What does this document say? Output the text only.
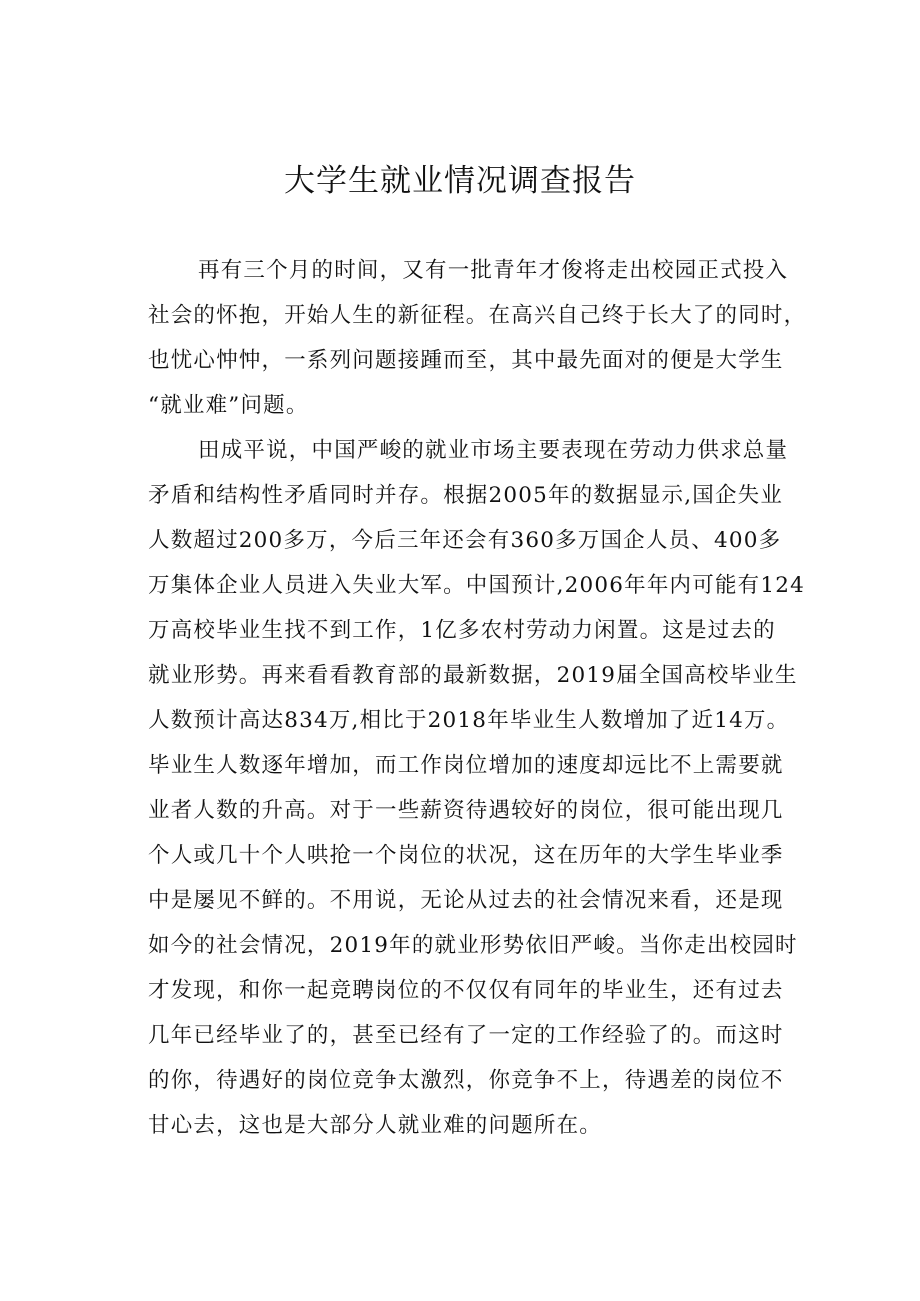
大学生就业情况调查报告
再有三个月的时间，又有一批青年才俊将走出校园正式投入
社会的怀抱，开始人生的新征程。在高兴自己终于长大了的同时，
也忧心忡忡，一系列问题接踵而至，其中最先面对的便是大学生
“就业难”问题。
田成平说，中国严峻的就业市场主要表现在劳动力供求总量
矛盾和结构性矛盾同时并存。根据2005年的数据显示,国企失业
人数超过200多万，今后三年还会有360多万国企人员、400多
万集体企业人员进入失业大军。中国预计,2006年年内可能有124
万高校毕业生找不到工作，1亿多农村劳动力闲置。这是过去的
就业形势。再来看看教育部的最新数据，2019届全国高校毕业生
人数预计高达834万,相比于2018年毕业生人数增加了近14万。
毕业生人数逐年增加，而工作岗位增加的速度却远比不上需要就
业者人数的升高。对于一些薪资待遇较好的岗位，很可能出现几
个人或几十个人哄抢一个岗位的状况，这在历年的大学生毕业季
中是屡见不鲜的。不用说，无论从过去的社会情况来看，还是现
如今的社会情况，2019年的就业形势依旧严峻。当你走出校园时
才发现，和你一起竞聘岗位的不仅仅有同年的毕业生，还有过去
几年已经毕业了的，甚至已经有了一定的工作经验了的。而这时
的你，待遇好的岗位竞争太激烈，你竞争不上，待遇差的岗位不
甘心去，这也是大部分人就业难的问题所在。
